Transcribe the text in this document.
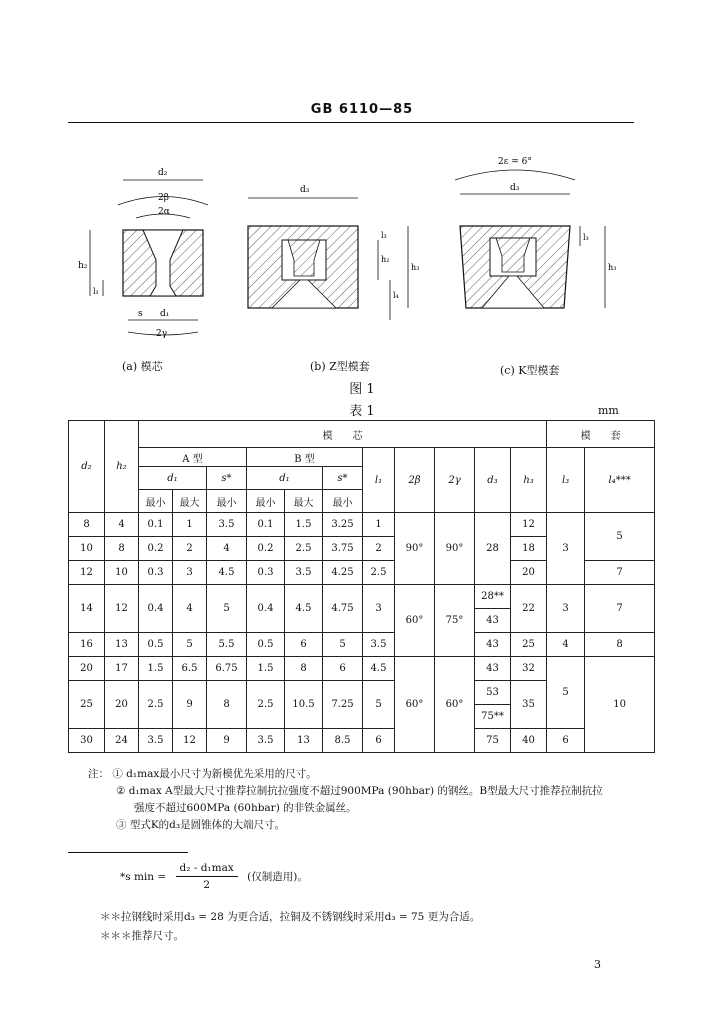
GB 6110—85
d₂
2β
2α
h₂
l₁
s d₁
2γ
(a) 模芯
d₃
l₃
h₂
h₃
l₄
(b) Z型模套
2ε = 6°
d₃
l₃
h₃
(c) K型模套
图 1
表 1	mm
d₂	h₂	模　　芯											模　　套	
		A 型			B 型			l₁	2β	2γ	d₃	h₃	l₃	l₄***
		d₁		s*	d₁		s*							
		最小	最大	最小	最小	最大	最小							
8	4	0.1	1	3.5	0.1	1.5	3.25	1	90°	90°	28	12	3	5
10	8	0.2	2	4	0.2	2.5	3.75	2				18		
12	10	0.3	3	4.5	0.3	3.5	4.25	2.5				20		7
14	12	0.4	4	5	0.4	4.5	4.75	3	60°	75°	28**	22	3	7
											43			
16	13	0.5	5	5.5	0.5	6	5	3.5			43	25	4	8
20	17	1.5	6.5	6.75	1.5	8	6	4.5	60°	60°	43	32	5	10
25	20	2.5	9	8	2.5	10.5	7.25	5			53	35		
											75**			
30	24	3.5	12	9	3.5	13	8.5	6			75	40	6	
注： ① d₁max最小尺寸为新模优先采用的尺寸。
② d₁max A型最大尺寸推荐拉制抗拉强度不超过900MPa (90hbar) 的钢丝。B型最大尺寸推荐拉制抗拉
强度不超过600MPa (60hbar) 的非铁金属丝。
③ 型式K的d₃是圆锥体的大端尺寸。
*s min =
d₂ - d₁max
2
(仅制造用)。
＊＊拉钢线时采用d₃ = 28 为更合适，拉铜及不锈钢线时采用d₃ = 75 更为合适。
＊＊＊推荐尺寸。
3
